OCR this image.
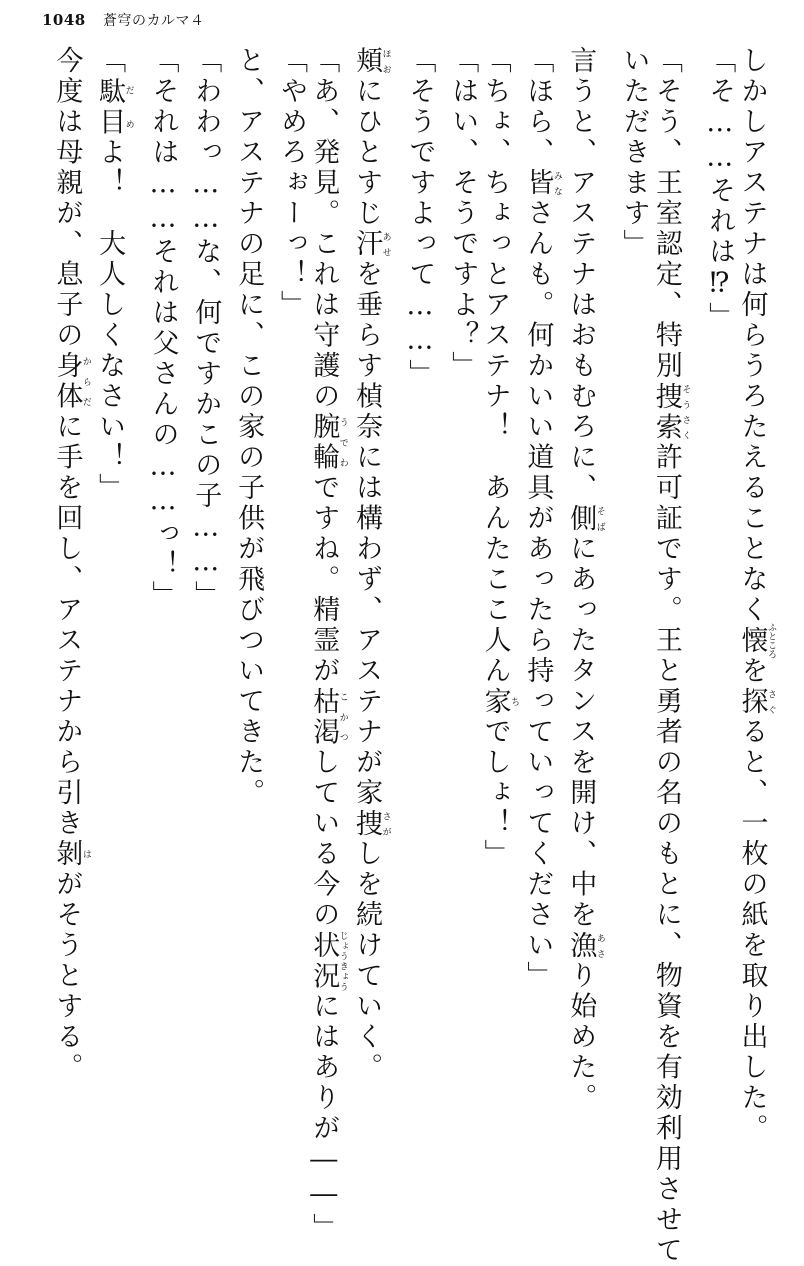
1048 蒼穹のカルマ４
しかしアステナは何らうろたえることなく懐ふところを探さぐると、一枚の紙を取り出した。
「そ……それは⁉」
「そう、王室認定、特別捜索そうさく許可証です。王と勇者の名のもとに、物資を有効利用させて
いただきます」
言うと、アステナはおもむろに、側そばにあったタンスを開け、中を漁あさり始めた。
「ほら、皆みなさんも。何かいい道具があったら持っていってください」
「ちょ、ちょっとアステナ！　あんたここ人ん家ちでしょ！」
「はい、そうですよ？」
「そうですよって……」
頬ほおにひとすじ汗あせを垂らす楨奈には構わず、アステナが家捜さがしを続けていく。
「あ、発見。これは守護の腕輪うでわですね。精霊が枯渇こかつしている今の状況じょうきょうにはありが――」
「やめろぉーっ！」
と、アステナの足に、この家の子供が飛びついてきた。
「わわっ……な、何ですかこの子……」
「それは……それは父さんの……っ！」
「駄目だめよ！　大人しくなさい！」
今度は母親が、息子の身体からだに手を回し、アステナから引き剝はがそうとする。
